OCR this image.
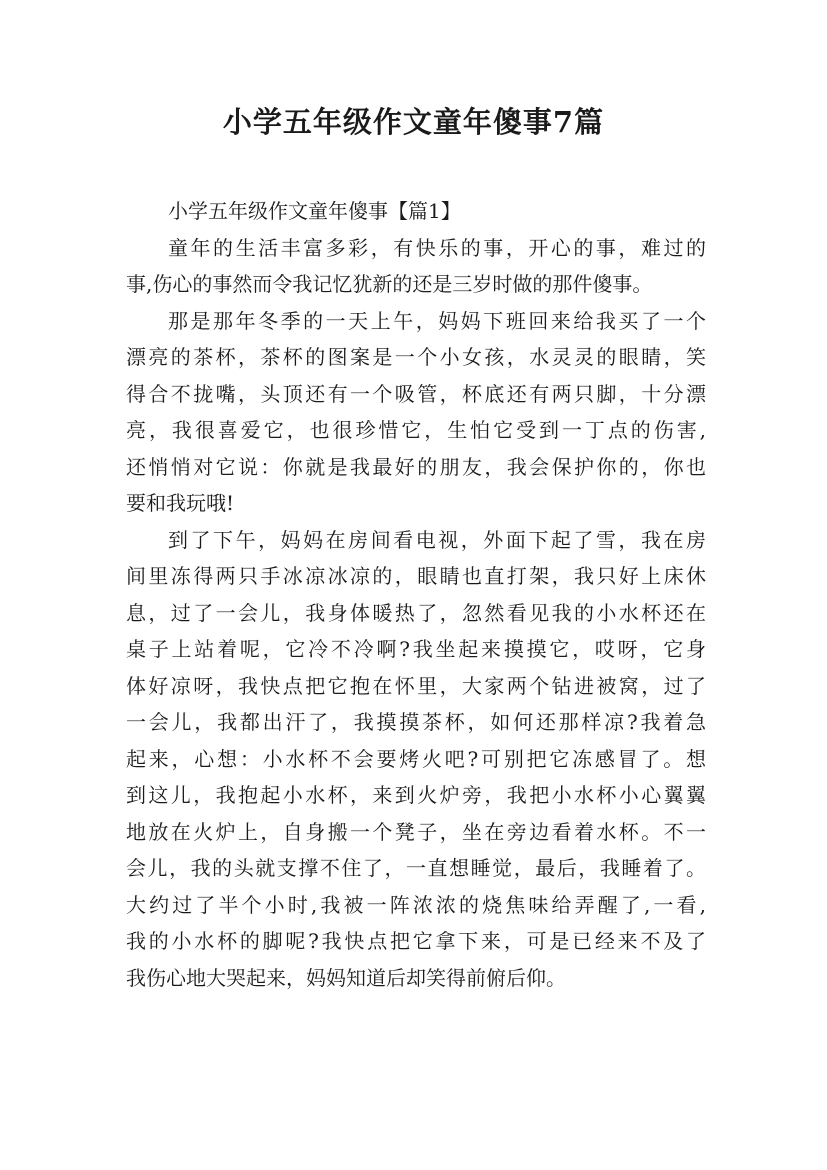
小学五年级作文童年傻事7篇
小学五年级作文童年傻事【篇1】
童年的生活丰富多彩，有快乐的事，开心的事，难过的
事,伤心的事然而令我记忆犹新的还是三岁时做的那件傻事。
那是那年冬季的一天上午，妈妈下班回来给我买了一个
漂亮的茶杯，茶杯的图案是一个小女孩，水灵灵的眼睛，笑
得合不拢嘴，头顶还有一个吸管，杯底还有两只脚，十分漂
亮，我很喜爱它，也很珍惜它，生怕它受到一丁点的伤害,
还悄悄对它说：你就是我最好的朋友，我会保护你的，你也
要和我玩哦!
到了下午，妈妈在房间看电视，外面下起了雪，我在房
间里冻得两只手冰凉冰凉的，眼睛也直打架，我只好上床休
息，过了一会儿，我身体暖热了，忽然看见我的小水杯还在
桌子上站着呢，它冷不冷啊?我坐起来摸摸它，哎呀，它身
体好凉呀，我快点把它抱在怀里，大家两个钻进被窝，过了
一会儿，我都出汗了，我摸摸茶杯，如何还那样凉?我着急
起来，心想：小水杯不会要烤火吧?可别把它冻感冒了。想
到这儿，我抱起小水杯，来到火炉旁，我把小水杯小心翼翼
地放在火炉上，自身搬一个凳子，坐在旁边看着水杯。不一
会儿，我的头就支撑不住了，一直想睡觉，最后，我睡着了。
大约过了半个小时,我被一阵浓浓的烧焦味给弄醒了,一看,
我的小水杯的脚呢?我快点把它拿下来，可是已经来不及了
我伤心地大哭起来，妈妈知道后却笑得前俯后仰。
